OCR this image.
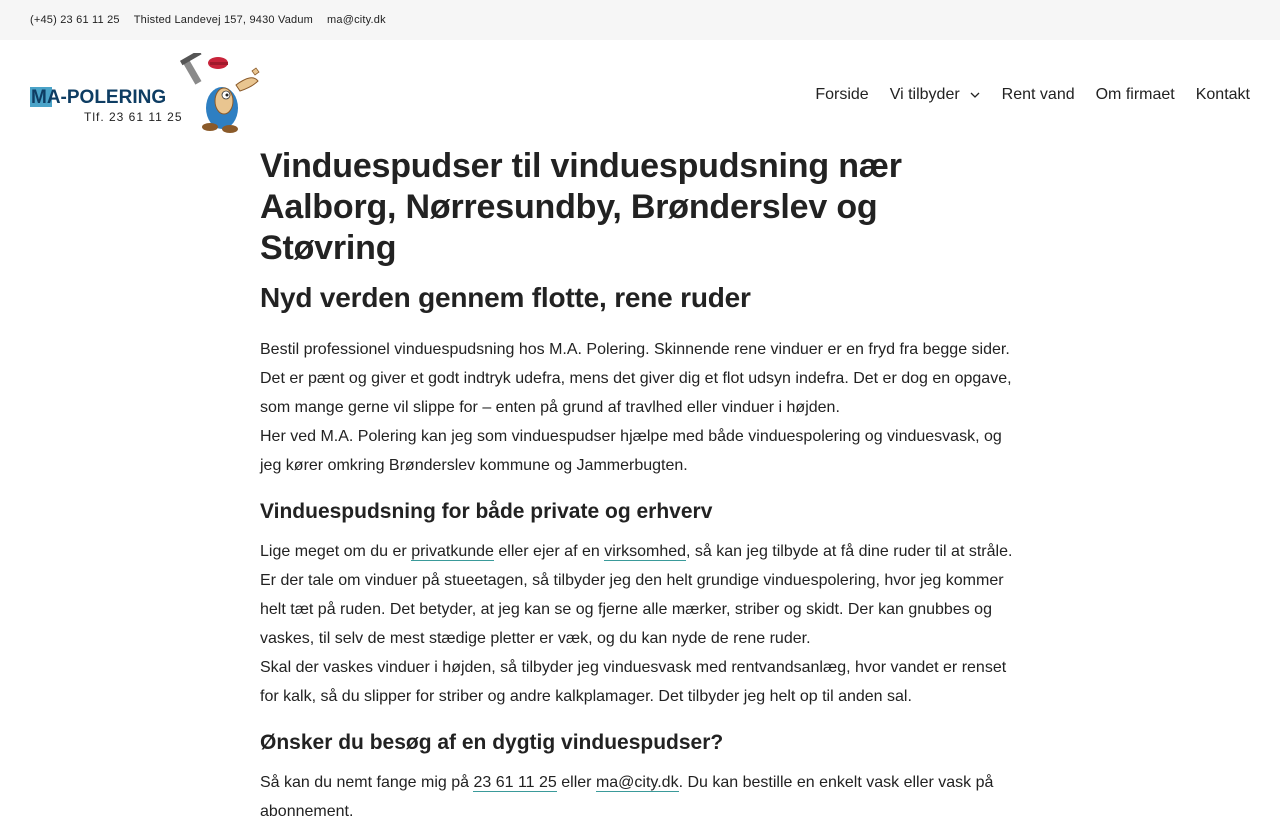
(+45) 23 61 11 25 Thisted Landevej 157, 9430 Vadum ma@city.dk
MA-POLERING
Tlf. 23 61 11 25
Forside Vi tilbyder	Rent vand Om firmaet Kontakt
Vinduespudser til vinduespudsning nær Aalborg, Nørresundby, Brønderslev og Støvring
Nyd verden gennem flotte, rene ruder

Bestil professionel vinduespudsning hos M.A. Polering. Skinnende rene vinduer er en fryd fra begge sider. Det er pænt og giver et godt indtryk udefra, mens det giver dig et flot udsyn indefra. Det er dog en opgave, som mange gerne vil slippe for – enten på grund af travlhed eller vinduer i højden.

Her ved M.A. Polering kan jeg som vinduespudser hjælpe med både vinduespolering og vinduesvask, og jeg kører omkring Brønderslev kommune og Jammerbugten.

Vinduespudsning for både private og erhverv

Lige meget om du er privatkunde eller ejer af en virksomhed, så kan jeg tilbyde at få dine ruder til at stråle. Er der tale om vinduer på stueetagen, så tilbyder jeg den helt grundige vinduespolering, hvor jeg kommer helt tæt på ruden. Det betyder, at jeg kan se og fjerne alle mærker, striber og skidt. Der kan gnubbes og vaskes, til selv de mest stædige pletter er væk, og du kan nyde de rene ruder.

Skal der vaskes vinduer i højden, så tilbyder jeg vinduesvask med rentvandsanlæg, hvor vandet er renset for kalk, så du slipper for striber og andre kalkplamager. Det tilbyder jeg helt op til anden sal.

Ønsker du besøg af en dygtig vinduespudser?

Så kan du nemt fange mig på 23 61 11 25 eller ma@city.dk. Du kan bestille en enkelt vask eller vask på abonnement.
